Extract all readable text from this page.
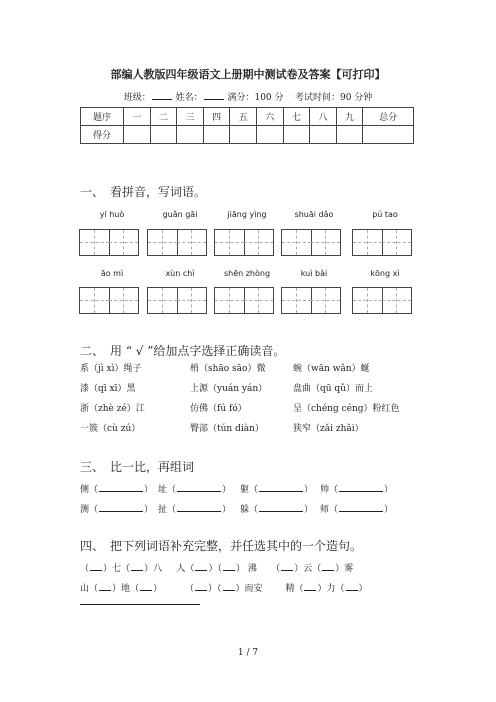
部编人教版四年级语文上册期中测试卷及答案【可打印】
班级：	姓名：	满分：100 分 考试时间：90 分钟
题序	一	二	三	四	五	六	七	八	九	总分
得分										
一、 看拼音，写词语。
yí huò	guǎn gāi	jiāng yìng	shuāi dǎo	pú tao
āo mì	xùn chì	shēn zhòng	kuì bài	kōng xì
二、 用 “ √ ”给加点字选择正确读音。
系（jì xì）绳子	梢（shāo sāo）微	蜿（wān wǎn）蜒
漆（qī xī）黑	上源（yuán yán）	盘曲（qū qǔ）而上
浙（zhè zé）江	仿佛（fú fó）	呈（chéng céng）粉红色
一簇（cù zú）	臀部（tún diàn）	狭窄（zǎi zhǎi）
三、 比一比，再组词
侧（	） 址（	） 躯（	） 帅（	）
测（	） 扯（	） 躲（	） 师（	）
四、 把下列词语补充完整，并任选其中的一个造句。
（ ）七（ ）八 人（ ）（ ） 沸 （ ）云（ ）雾
山（ ）地（ ）	（ ）（ ）而安	精（ ）力（ ）
1 / 7
